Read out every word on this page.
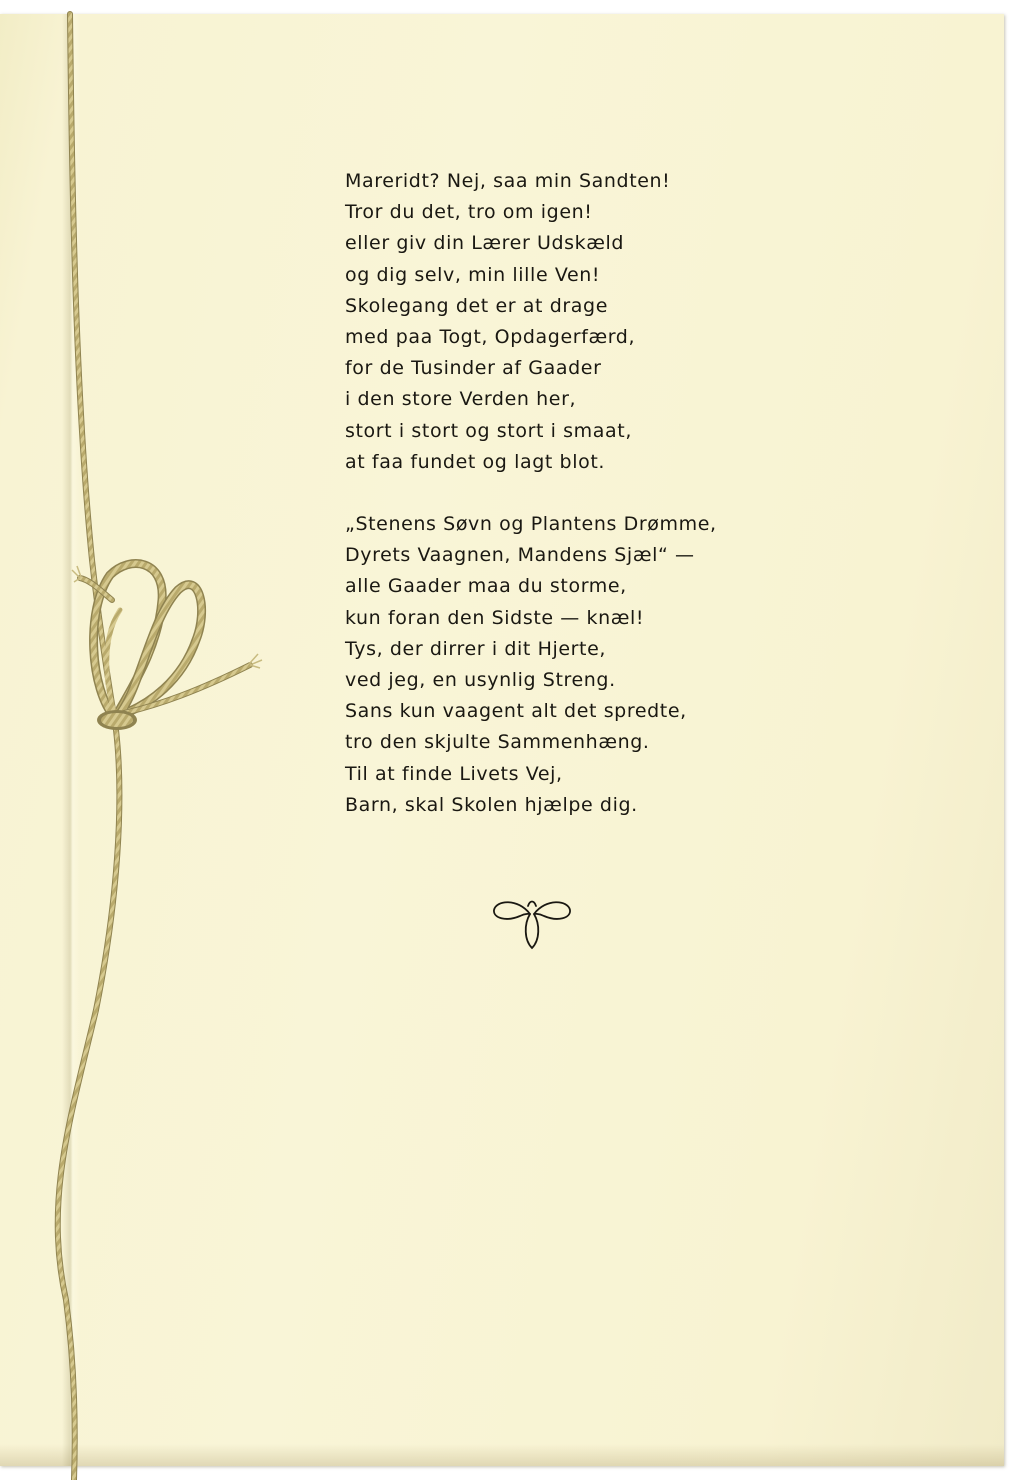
Mareridt? Nej, saa min Sandten!
Tror du det, tro om igen!
eller giv din Lærer Udskæld
og dig selv, min lille Ven!
Skolegang det er at drage
med paa Togt, Opdagerfærd,
for de Tusinder af Gaader
i den store Verden her,
stort i stort og stort i smaat,
at faa fundet og lagt blot.

„Stenens Søvn og Plantens Drømme,
Dyrets Vaagnen, Mandens Sjæl“ —
alle Gaader maa du storme,
kun foran den Sidste — knæl!
Tys, der dirrer i dit Hjerte,
ved jeg, en usynlig Streng.
Sans kun vaagent alt det spredte,
tro den skjulte Sammenhæng.
Til at finde Livets Vej,
Barn, skal Skolen hjælpe dig.
